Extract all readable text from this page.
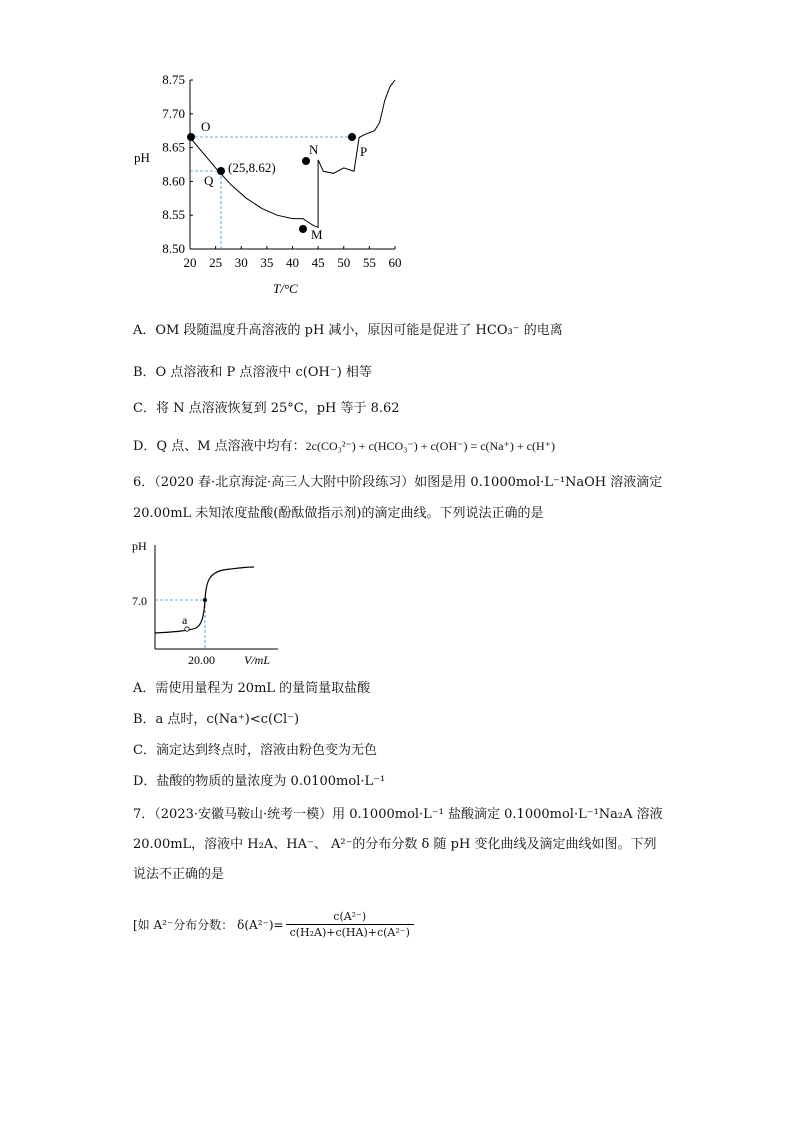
8.75
7.70
8.65
8.60
8.55
8.50
20 25 30 35 40 45 50 55 60
pH
T/°C
O
Q
(25,8.62)
M
N	P
A．OM 段随温度升高溶液的 pH 减小，原因可能是促进了 HCO₃⁻ 的电离
B．O 点溶液和 P 点溶液中 c(OH⁻) 相等
C．将 N 点溶液恢复到 25°C，pH 等于 8.62
D．Q 点、M 点溶液中均有：2c(CO₃²⁻) + c(HCO₃⁻) + c(OH⁻) = c(Na⁺) + c(H⁺)
6．（2020 春·北京海淀·高三人大附中阶段练习）如图是用 0.1000mol·L⁻¹NaOH 溶液滴定
20.00mL 未知浓度盐酸(酚酞做指示剂)的滴定曲线。下列说法正确的是
pH
7.0
20.00 V/mL
a
A．需使用量程为 20mL 的量筒量取盐酸
B．a 点时，c(Na⁺)<c(Cl⁻)
C．滴定达到终点时，溶液由粉色变为无色
D．盐酸的物质的量浓度为 0.0100mol·L⁻¹
7．（2023·安徽马鞍山·统考一模）用 0.1000mol·L⁻¹ 盐酸滴定 0.1000mol·L⁻¹Na₂A 溶液
20.00mL，溶液中 H₂A、HA⁻、 A²⁻的分布分数 δ 随 pH 变化曲线及滴定曲线如图。下列
说法不正确的是
[如 A²⁻分布分数： $\delta(A^{2-})= \frac{\text{c(A²⁻)}}{\text{c(H₂A)+c(HA)+c(A²⁻)}}$
